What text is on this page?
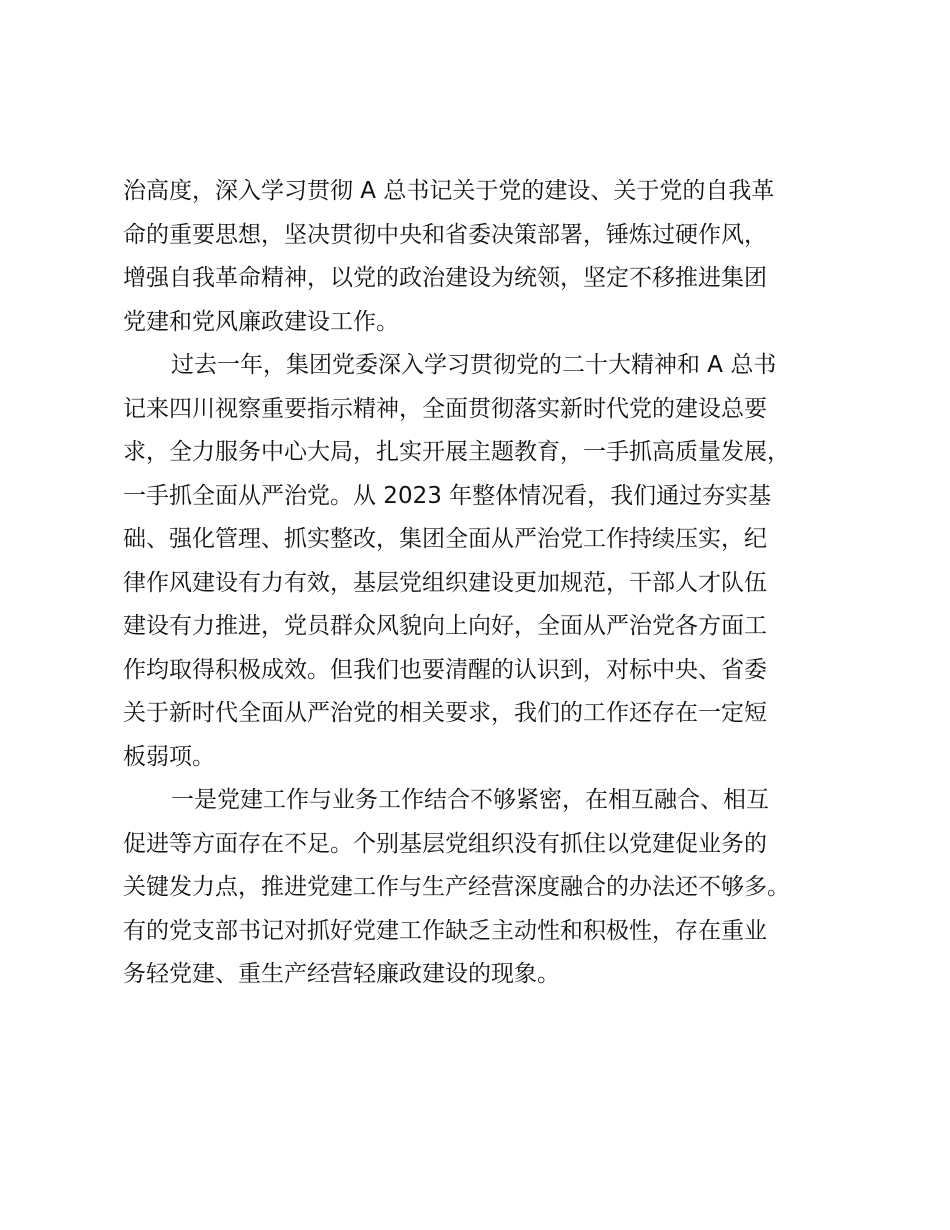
治高度，深入学习贯彻 A 总书记关于党的建设、关于党的自我革
命的重要思想，坚决贯彻中央和省委决策部署，锤炼过硬作风，
增强自我革命精神，以党的政治建设为统领，坚定不移推进集团
党建和党风廉政建设工作。
过去一年，集团党委深入学习贯彻党的二十大精神和 A 总书
记来四川视察重要指示精神，全面贯彻落实新时代党的建设总要
求，全力服务中心大局，扎实开展主题教育，一手抓高质量发展，
一手抓全面从严治党。从 2023 年整体情况看，我们通过夯实基
础、强化管理、抓实整改，集团全面从严治党工作持续压实，纪
律作风建设有力有效，基层党组织建设更加规范，干部人才队伍
建设有力推进，党员群众风貌向上向好，全面从严治党各方面工
作均取得积极成效。但我们也要清醒的认识到，对标中央、省委
关于新时代全面从严治党的相关要求，我们的工作还存在一定短
板弱项。
一是党建工作与业务工作结合不够紧密，在相互融合、相互
促进等方面存在不足。个别基层党组织没有抓住以党建促业务的
关键发力点，推进党建工作与生产经营深度融合的办法还不够多。
有的党支部书记对抓好党建工作缺乏主动性和积极性，存在重业
务轻党建、重生产经营轻廉政建设的现象。
